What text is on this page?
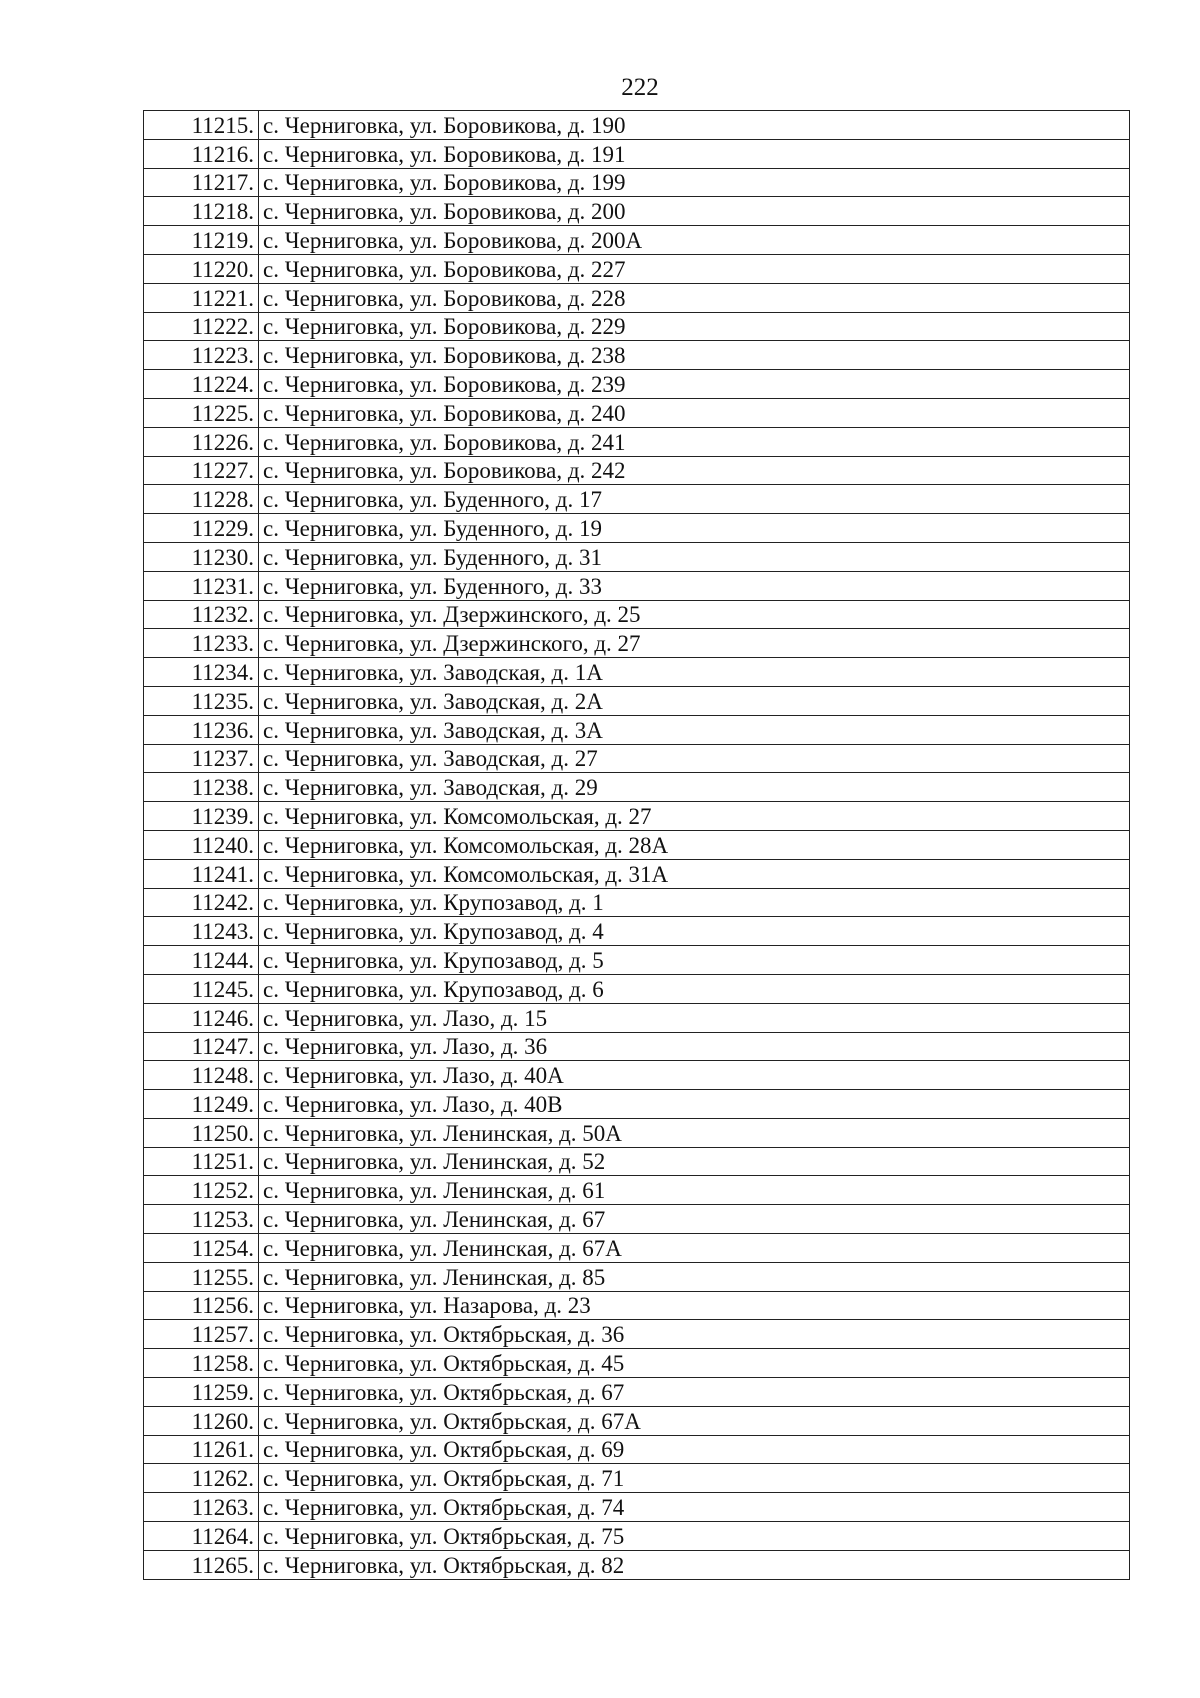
222
11215.	с. Черниговка, ул. Боровикова, д. 190
11216.	с. Черниговка, ул. Боровикова, д. 191
11217.	с. Черниговка, ул. Боровикова, д. 199
11218.	с. Черниговка, ул. Боровикова, д. 200
11219.	с. Черниговка, ул. Боровикова, д. 200А
11220.	с. Черниговка, ул. Боровикова, д. 227
11221.	с. Черниговка, ул. Боровикова, д. 228
11222.	с. Черниговка, ул. Боровикова, д. 229
11223.	с. Черниговка, ул. Боровикова, д. 238
11224.	с. Черниговка, ул. Боровикова, д. 239
11225.	с. Черниговка, ул. Боровикова, д. 240
11226.	с. Черниговка, ул. Боровикова, д. 241
11227.	с. Черниговка, ул. Боровикова, д. 242
11228.	с. Черниговка, ул. Буденного, д. 17
11229.	с. Черниговка, ул. Буденного, д. 19
11230.	с. Черниговка, ул. Буденного, д. 31
11231.	с. Черниговка, ул. Буденного, д. 33
11232.	с. Черниговка, ул. Дзержинского, д. 25
11233.	с. Черниговка, ул. Дзержинского, д. 27
11234.	с. Черниговка, ул. Заводская, д. 1А
11235.	с. Черниговка, ул. Заводская, д. 2А
11236.	с. Черниговка, ул. Заводская, д. 3А
11237.	с. Черниговка, ул. Заводская, д. 27
11238.	с. Черниговка, ул. Заводская, д. 29
11239.	с. Черниговка, ул. Комсомольская, д. 27
11240.	с. Черниговка, ул. Комсомольская, д. 28А
11241.	с. Черниговка, ул. Комсомольская, д. 31А
11242.	с. Черниговка, ул. Крупозавод, д. 1
11243.	с. Черниговка, ул. Крупозавод, д. 4
11244.	с. Черниговка, ул. Крупозавод, д. 5
11245.	с. Черниговка, ул. Крупозавод, д. 6
11246.	с. Черниговка, ул. Лазо, д. 15
11247.	с. Черниговка, ул. Лазо, д. 36
11248.	с. Черниговка, ул. Лазо, д. 40А
11249.	с. Черниговка, ул. Лазо, д. 40В
11250.	с. Черниговка, ул. Ленинская, д. 50А
11251.	с. Черниговка, ул. Ленинская, д. 52
11252.	с. Черниговка, ул. Ленинская, д. 61
11253.	с. Черниговка, ул. Ленинская, д. 67
11254.	с. Черниговка, ул. Ленинская, д. 67А
11255.	с. Черниговка, ул. Ленинская, д. 85
11256.	с. Черниговка, ул. Назарова, д. 23
11257.	с. Черниговка, ул. Октябрьская, д. 36
11258.	с. Черниговка, ул. Октябрьская, д. 45
11259.	с. Черниговка, ул. Октябрьская, д. 67
11260.	с. Черниговка, ул. Октябрьская, д. 67А
11261.	с. Черниговка, ул. Октябрьская, д. 69
11262.	с. Черниговка, ул. Октябрьская, д. 71
11263.	с. Черниговка, ул. Октябрьская, д. 74
11264.	с. Черниговка, ул. Октябрьская, д. 75
11265.	с. Черниговка, ул. Октябрьская, д. 82
